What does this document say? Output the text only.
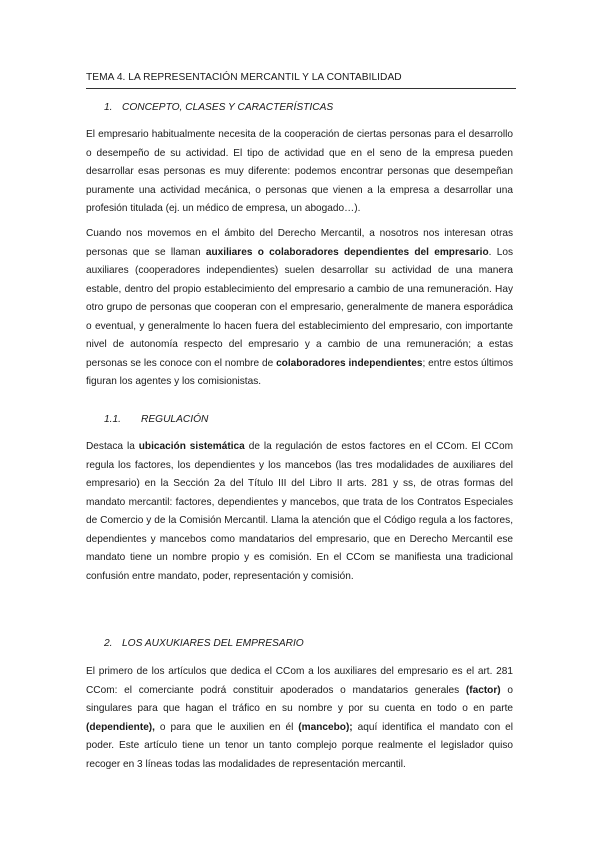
TEMA 4. LA REPRESENTACIÓN MERCANTIL Y LA CONTABILIDAD
1. CONCEPTO, CLASES Y CARACTERÍSTICAS

El empresario habitualmente necesita de la cooperación de ciertas personas para el desarrollo o desempeño de su actividad. El tipo de actividad que en el seno de la empresa pueden desarrollar esas personas es muy diferente: podemos encontrar personas que desempeñan puramente una actividad mecánica, o personas que vienen a la empresa a desarrollar una profesión titulada (ej. un médico de empresa, un abogado…).

Cuando nos movemos en el ámbito del Derecho Mercantil, a nosotros nos interesan otras personas que se llaman auxiliares o colaboradores dependientes del empresario. Los auxiliares (cooperadores independientes) suelen desarrollar su actividad de una manera estable, dentro del propio establecimiento del empresario a cambio de una remuneración. Hay otro grupo de personas que cooperan con el empresario, generalmente de manera esporádica o eventual, y generalmente lo hacen fuera del establecimiento del empresario, con importante nivel de autonomía respecto del empresario y a cambio de una remuneración; a estas personas se les conoce con el nombre de colaboradores independientes; entre estos últimos figuran los agentes y los comisionistas.

1.1. REGULACIÓN

Destaca la ubicación sistemática de la regulación de estos factores en el CCom. El CCom regula los factores, los dependientes y los mancebos (las tres modalidades de auxiliares del empresario) en la Sección 2a del Título III del Libro II arts. 281 y ss, de otras formas del mandato mercantil: factores, dependientes y mancebos, que trata de los Contratos Especiales de Comercio y de la Comisión Mercantil. Llama la atención que el Código regula a los factores, dependientes y mancebos como mandatarios del empresario, que en Derecho Mercantil ese mandato tiene un nombre propio y es comisión. En el CCom se manifiesta una tradicional confusión entre mandato, poder, representación y comisión.

2. LOS AUXUKIARES DEL EMPRESARIO

El primero de los artículos que dedica el CCom a los auxiliares del empresario es el art. 281 CCom: el comerciante podrá constituir apoderados o mandatarios generales (factor) o singulares para que hagan el tráfico en su nombre y por su cuenta en todo o en parte (dependiente), o para que le auxilien en él (mancebo); aquí identifica el mandato con el poder. Este artículo tiene un tenor un tanto complejo porque realmente el legislador quiso recoger en 3 líneas todas las modalidades de representación mercantil.
